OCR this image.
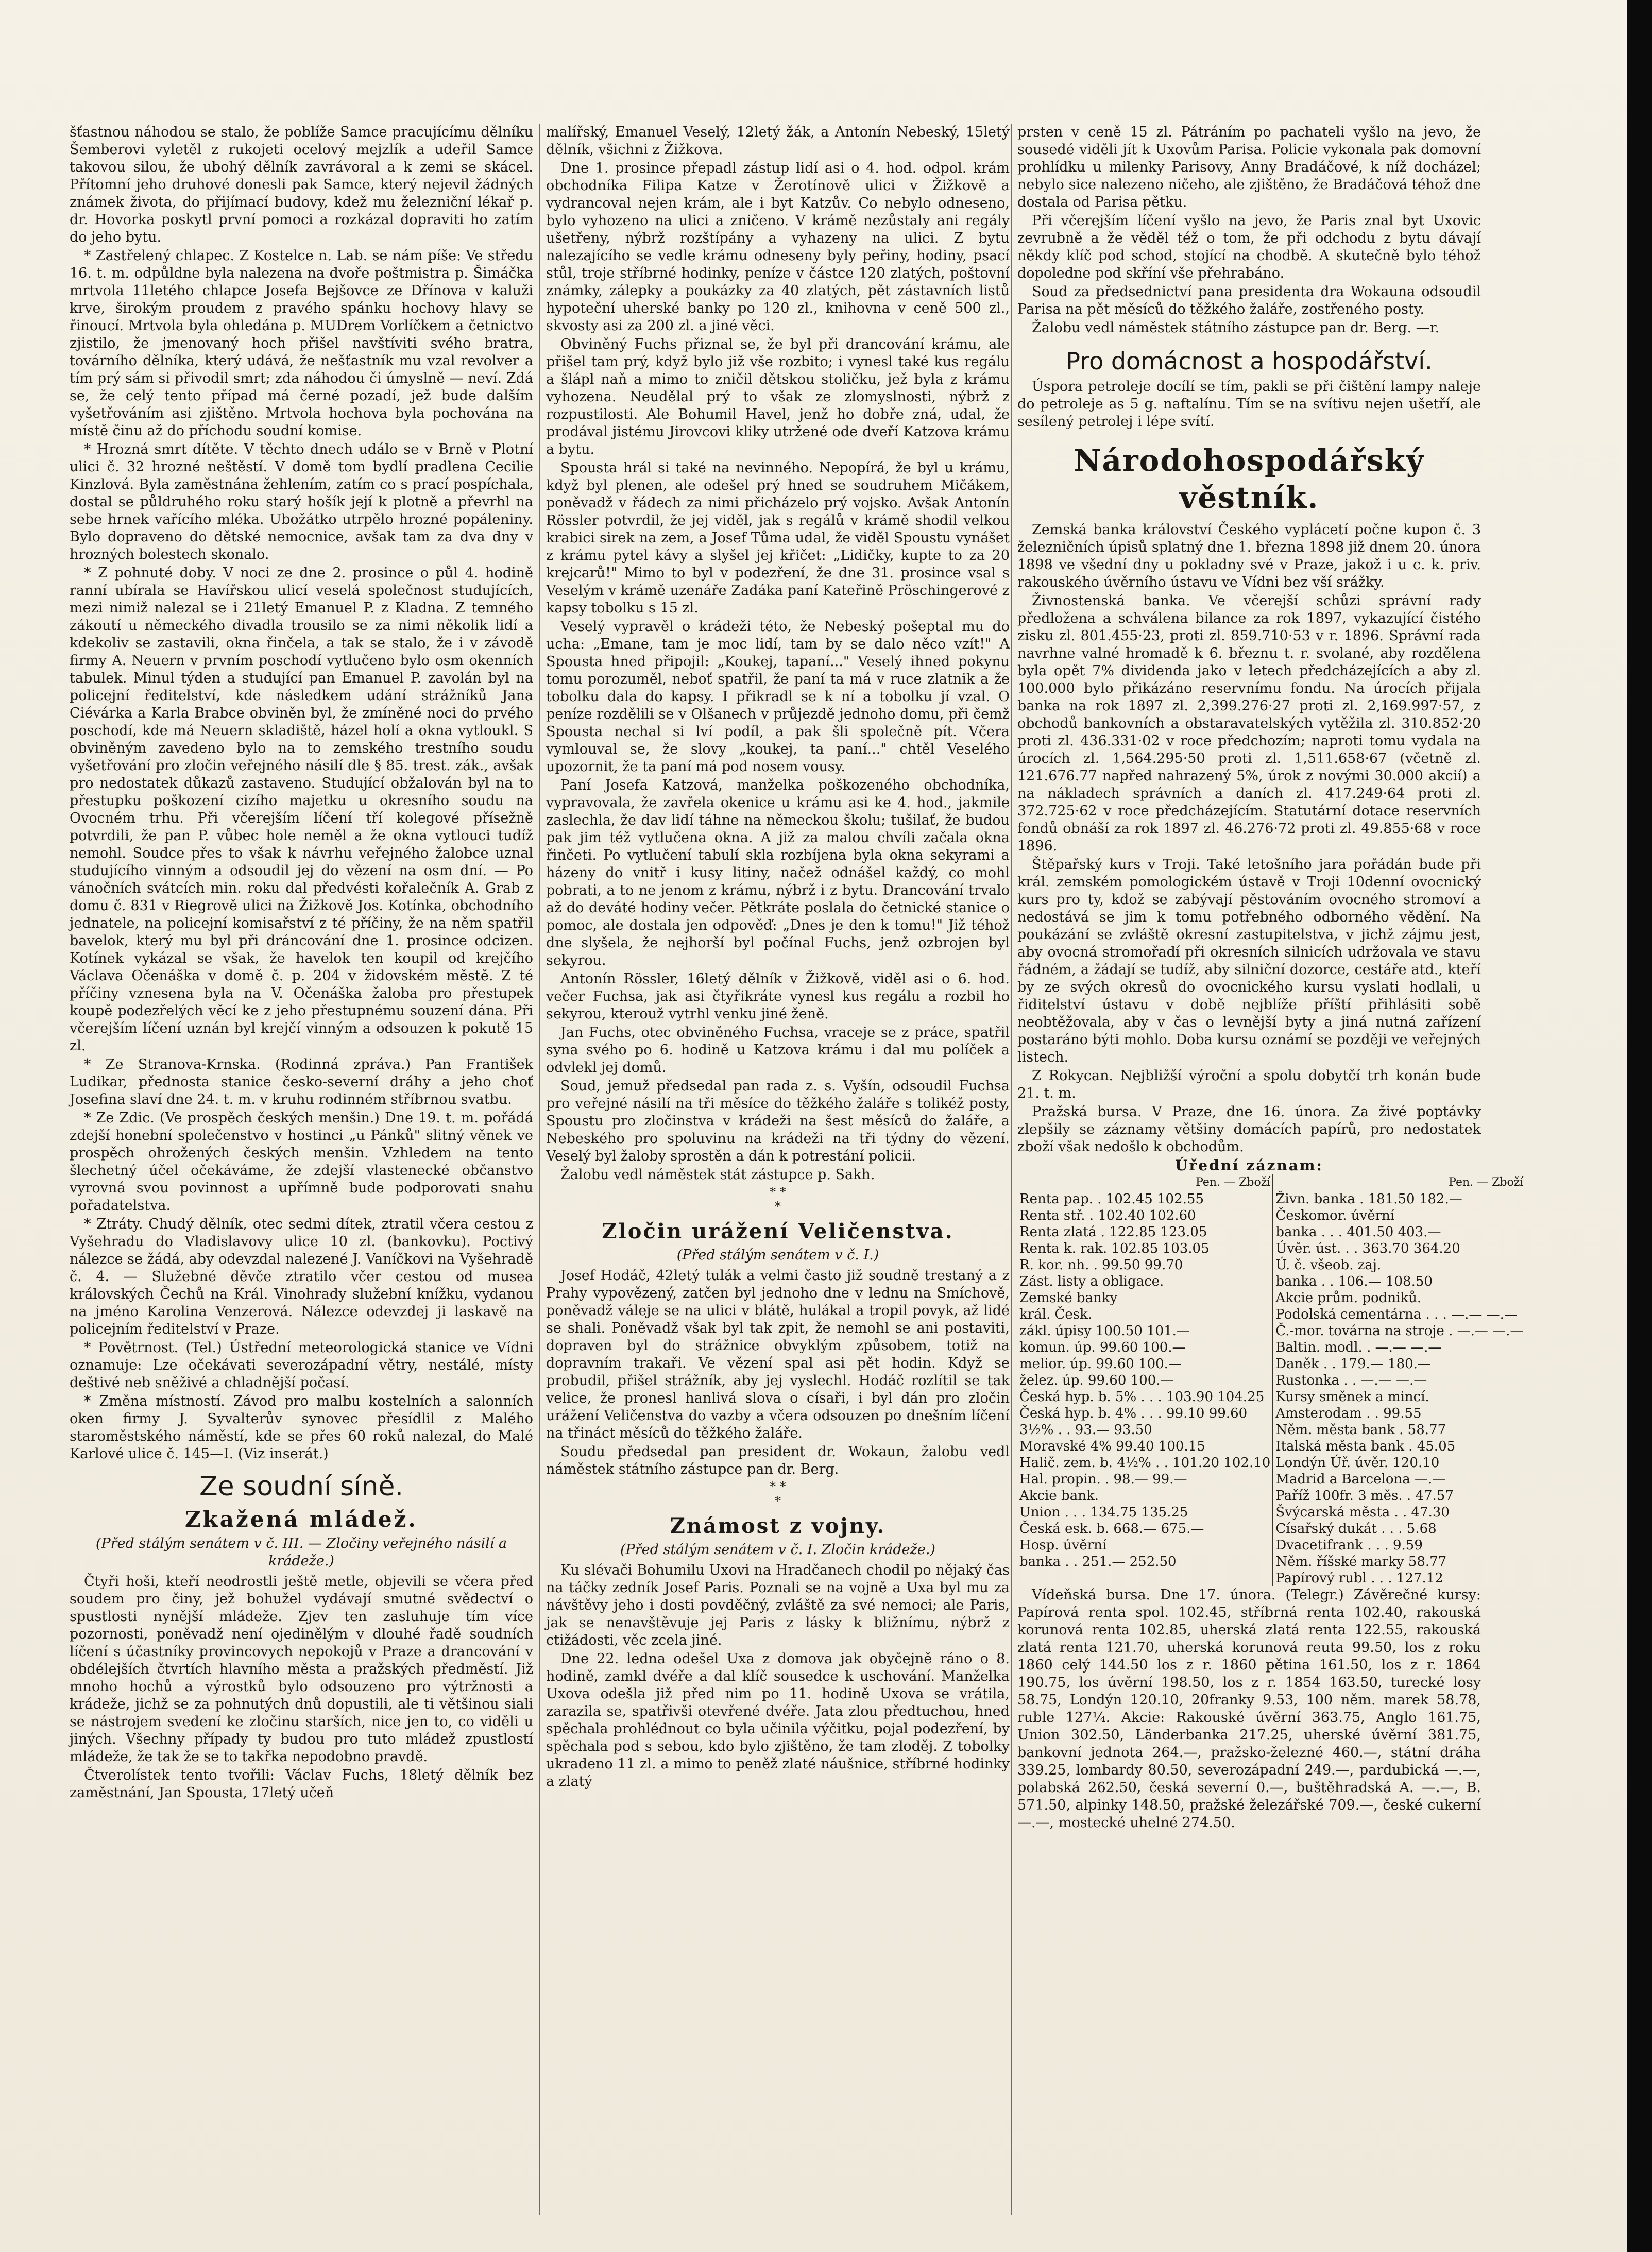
šťastnou náhodou se stalo, že poblíže Samce pracujícímu dělníku Šemberovi vyletěl z rukojeti ocelový mejzlík a udeřil Samce takovou silou, že ubohý dělník zavrávoral a k zemi se skácel. Přítomní jeho druhové donesli pak Samce, který nejevil žádných známek života, do přijímací budovy, kdež mu železniční lékař p. dr. Hovorka poskytl první pomoci a rozkázal dopraviti ho zatím do jeho bytu.

* Zastřelený chlapec. Z Kostelce n. Lab. se nám píše: Ve středu 16. t. m. odpůldne byla nalezena na dvoře poštmistra p. Šimáčka mrtvola 11letého chlapce Josefa Bejšovce ze Dřínova v kaluži krve, širokým proudem z pravého spánku hochovy hlavy se řinoucí. Mrtvola byla ohledána p. MUDrem Vorlíčkem a četnictvo zjistilo, že jmenovaný hoch přišel navštíviti svého bratra, továrního dělníka, který udává, že nešťastník mu vzal revolver a tím prý sám si přivodil smrt; zda náhodou či úmyslně — neví. Zdá se, že celý tento případ má černé pozadí, jež bude dalším vyšetřováním asi zjištěno. Mrtvola hochova byla pochována na místě činu až do příchodu soudní komise.

* Hrozná smrt dítěte. V těchto dnech událo se v Brně v Plotní ulici č. 32 hrozné neštěstí. V domě tom bydlí pradlena Cecilie Kinzlová. Byla zaměstnána žehlením, zatím co s prací pospíchala, dostal se půldruhého roku starý hošík její k plotně a převrhl na sebe hrnek vařícího mléka. Ubožátko utrpělo hrozné popáleniny. Bylo dopraveno do dětské nemocnice, avšak tam za dva dny v hrozných bolestech skonalo.

* Z pohnuté doby. V noci ze dne 2. prosince o půl 4. hodině ranní ubírala se Havířskou ulicí veselá společnost studujících, mezi nimiž nalezal se i 21letý Emanuel P. z Kladna. Z temného zákoutí u německého divadla trousilo se za nimi několik lidí a kdekoliv se zastavili, okna řinčela, a tak se stalo, že i v závodě firmy A. Neuern v prvním poschodí vytlučeno bylo osm okenních tabulek. Minul týden a studující pan Emanuel P. zavolán byl na policejní ředitelství, kde následkem udání strážníků Jana Ciévárka a Karla Brabce obviněn byl, že zmíněné noci do prvého poschodí, kde má Neuern skladiště, házel holí a okna vytloukl. S obviněným zavedeno bylo na to zemského trestního soudu vyšetřování pro zločin veřejného násilí dle § 85. trest. zák., avšak pro nedostatek důkazů zastaveno. Studující obžalován byl na to přestupku poškození cizího majetku u okresního soudu na Ovocném trhu. Při včerejším líčení tří kolegové přísežně potvrdili, že pan P. vůbec hole neměl a že okna vytlouci tudíž nemohl. Soudce přes to však k návrhu veřejného žalobce uznal studujícího vinným a odsoudil jej do vězení na osm dní. — Po vánočních svátcích min. roku dal předvésti kořalečník A. Grab z domu č. 831 v Riegrově ulici na Žižkově Jos. Kotínka, obchodního jednatele, na policejní komisařství z té příčiny, že na něm spatřil bavelok, který mu byl při dráncování dne 1. prosince odcizen. Kotínek vykázal se však, že havelok ten koupil od krejčího Václava Očenáška v domě č. p. 204 v židovském městě. Z té příčiny vznesena byla na V. Očenáška žaloba pro přestupek koupě podezřelých věcí ke z jeho přestupnému souzení dána. Při včerejším líčení uznán byl krejčí vinným a odsouzen k pokutě 15 zl.

* Ze Stranova-Krnska. (Rodinná zpráva.) Pan František Ludikar, přednosta stanice česko-severní dráhy a jeho choť Josefina slaví dne 24. t. m. v kruhu rodinném stříbrnou svatbu.

* Ze Zdic. (Ve prospěch českých menšin.) Dne 19. t. m. pořádá zdejší honební společenstvo v hostinci „u Pánků" slitný věnek ve prospěch ohrožených českých menšin. Vzhledem na tento šlechetný účel očekáváme, že zdejší vlastenecké občanstvo vyrovná svou povinnost a upřímně bude podporovati snahu pořadatelstva.

* Ztráty. Chudý dělník, otec sedmi dítek, ztratil včera cestou z Vyšehradu do Vladislavovy ulice 10 zl. (bankovku). Poctivý nálezce se žádá, aby odevzdal nalezené J. Vaníčkovi na Vyšehradě č. 4. — Služebné děvče ztratilo včer cestou od musea královských Čechů na Král. Vinohrady služební knížku, vydanou na jméno Karolina Venzerová. Nálezce odevzdej ji laskavě na policejním ředitelství v Praze.

* Povětrnost. (Tel.) Ústřední meteorologická stanice ve Vídni oznamuje: Lze očekávati severozápadní větry, nestálé, místy deštivé neb sněživé a chladnější počasí.

* Změna místností. Závod pro malbu kostelních a salonních oken firmy J. Syvalterův synovec přesídlil z Malého staroměstského náměstí, kde se přes 60 roků nalezal, do Malé Karlové ulice č. 145—I. (Viz inserát.)

Ze soudní síně.
Zkažená mládež.
(Před stálým senátem v č. III. — Zločiny veřejného násilí a krádeže.)

Čtyři hoši, kteří neodrostli ještě metle, objevili se včera před soudem pro činy, jež bohužel vydávají smutné svědectví o spustlosti nynější mládeže. Zjev ten zasluhuje tím více pozornosti, poněvadž není ojedinělým v dlouhé řadě soudních líčení s účastníky provincovych nepokojů v Praze a drancování v obdélejších čtvrtích hlavního města a pražských předměstí. Již mnoho hochů a výrostků bylo odsouzeno pro výtržnosti a krádeže, jichž se za pohnutých dnů dopustili, ale ti většinou siali se nástrojem svedení ke zločinu starších, nice jen to, co viděli u jiných. Všechny případy ty budou pro tuto mládež zpustlostí mládeže, že tak že se to takřka nepodobno pravdě.

Čtverolístek tento tvořili: Václav Fuchs, 18letý dělník bez zaměstnání, Jan Spousta, 17letý učeň

malířský, Emanuel Veselý, 12letý žák, a Antonín Nebeský, 15letý dělník, všichni z Žižkova.

Dne 1. prosince přepadl zástup lidí asi o 4. hod. odpol. krám obchodníka Filipa Katze v Žerotínově ulici v Žižkově a vydrancoval nejen krám, ale i byt Katzův. Co nebylo odneseno, bylo vyhozeno na ulici a zničeno. V krámě nezůstaly ani regály ušetřeny, nýbrž rozštípány a vyhazeny na ulici. Z bytu nalezajícího se vedle krámu odneseny byly peřiny, hodiny, psací stůl, troje stříbrné hodinky, peníze v částce 120 zlatých, poštovní známky, zálepky a poukázky za 40 zlatých, pět zástavních listů hypoteční uherské banky po 120 zl., knihovna v ceně 500 zl., skvosty asi za 200 zl. a jiné věci.

Obviněný Fuchs přiznal se, že byl při drancování krámu, ale přišel tam prý, když bylo již vše rozbito; i vynesl také kus regálu a šlápl naň a mimo to zničil dětskou stoličku, jež byla z krámu vyhozena. Neudělal prý to však ze zlomyslnosti, nýbrž z rozpustilosti. Ale Bohumil Havel, jenž ho dobře zná, udal, že prodával jistému Jirovcovi kliky utržené ode dveří Katzova krámu a bytu.

Spousta hrál si také na nevinného. Nepopírá, že byl u krámu, když byl plenen, ale odešel prý hned se soudruhem Mičákem, poněvadž v řádech za nimi přicházelo prý vojsko. Avšak Antonín Rössler potvrdil, že jej viděl, jak s regálů v krámě shodil velkou krabici sirek na zem, a Josef Tůma udal, že viděl Spoustu vynášet z krámu pytel kávy a slyšel jej křičet: „Lidičky, kupte to za 20 krejcarů!" Mimo to byl v podezření, že dne 31. prosince vsal s Veselým v krámě uzenáře Zadáka paní Kateřině Pröschingerové z kapsy tobolku s 15 zl.

Veselý vypravěl o krádeži této, že Nebeský pošeptal mu do ucha: „Emane, tam je moc lidí, tam by se dalo něco vzít!" A Spousta hned připojil: „Koukej, tapaní..." Veselý ihned pokynu tomu porozuměl, neboť spatřil, že paní ta má v ruce zlatnik a že tobolku dala do kapsy. I přikradl se k ní a tobolku jí vzal. O peníze rozdělili se v Olšanech v průjezdě jednoho domu, při čemž Spousta nechal si lví podíl, a pak šli společně pít. Včera vymlouval se, že slovy „koukej, ta paní..." chtěl Veselého upozornit, že ta paní má pod nosem vousy.

Paní Josefa Katzová, manželka poškozeného obchodníka, vypravovala, že zavřela okenice u krámu asi ke 4. hod., jakmile zaslechla, že dav lidí táhne na německou školu; tušilať, že budou pak jim též vytlučena okna. A již za malou chvíli začala okna řinčeti. Po vytlučení tabulí skla rozbíjena byla okna sekyrami a házeny do vnitř i kusy litiny, načež odnášel každý, co mohl pobrati, a to ne jenom z krámu, nýbrž i z bytu. Drancování trvalo až do deváté hodiny večer. Pětkráte poslala do četnické stanice o pomoc, ale dostala jen odpověď: „Dnes je den k tomu!" Již téhož dne slyšela, že nejhorší byl počínal Fuchs, jenž ozbrojen byl sekyrou.

Antonín Rössler, 16letý dělník v Žižkově, viděl asi o 6. hod. večer Fuchsa, jak asi čtyřikráte vynesl kus regálu a rozbil ho sekyrou, kterouž vytrhl venku jiné ženě.

Jan Fuchs, otec obviněného Fuchsa, vraceje se z práce, spatřil syna svého po 6. hodině u Katzova krámu i dal mu políček a odvlekl jej domů.

Soud, jemuž předsedal pan rada z. s. Vyšín, odsoudil Fuchsa pro veřejné násilí na tři měsíce do těžkého žaláře s tolikéž posty, Spoustu pro zločinstva v krádeži na šest měsíců do žaláře, a Nebeského pro spoluvinu na krádeži na tři týdny do vězení. Veselý byl žaloby sprostěn a dán k potrestání policii.

Žalobu vedl náměstek stát zástupce p. Sakh.

* *
*
Zločin urážení Veličenstva.
(Před stálým senátem v č. I.)

Josef Hodáč, 42letý tulák a velmi často již soudně trestaný a z Prahy vypovězený, zatčen byl jednoho dne v lednu na Smíchově, poněvadž váleje se na ulici v blátě, hulákal a tropil povyk, až lidé se shali. Poněvadž však byl tak zpit, že nemohl se ani postaviti, dopraven byl do strážnice obvyklým způsobem, totiž na dopravním trakaři. Ve vězení spal asi pět hodin. Když se probudil, přišel strážník, aby jej vyslechl. Hodáč rozlítil se tak velice, že pronesl hanlivá slova o císaři, i byl dán pro zločin urážení Veličenstva do vazby a včera odsouzen po dnešním líčení na třináct měsíců do těžkého žaláře.

Soudu předsedal pan president dr. Wokaun, žalobu vedl náměstek státního zástupce pan dr. Berg.

* *
*
Známost z vojny.
(Před stálým senátem v č. I. Zločin krádeže.)

Ku slévači Bohumilu Uxovi na Hradčanech chodil po nějaký čas na táčky zedník Josef Paris. Poznali se na vojně a Uxa byl mu za návštěvy jeho i dosti povděčný, zvláště za své nemoci; ale Paris, jak se nenavštěvuje jej Paris z lásky k bližnímu, nýbrž z ctižádosti, věc zcela jiné.

Dne 22. ledna odešel Uxa z domova jak obyčejně ráno o 8. hodině, zamkl dvéře a dal klíč sousedce k uschování. Manželka Uxova odešla již před nim po 11. hodině Uxova se vrátila, zarazila se, spatřivši otevřené dvéře. Jata zlou předtuchou, hned spěchala prohlédnout co byla učinila výčitku, pojal podezření, by spěchala pod s sebou, kdo bylo zjištěno, že tam zloděj. Z tobolky ukradeno 11 zl. a mimo to peněž zlaté náušnice, stříbrné hodinky a zlatý

prsten v ceně 15 zl. Pátráním po pachateli vyšlo na jevo, že sousedé viděli jít k Uxovům Parisa. Policie vykonala pak domovní prohlídku u milenky Parisovy, Anny Bradáčové, k níž docházel; nebylo sice nalezeno ničeho, ale zjištěno, že Bradáčová téhož dne dostala od Parisa pětku.

Při včerejším líčení vyšlo na jevo, že Paris znal byt Uxovic zevrubně a že věděl též o tom, že při odchodu z bytu dávají někdy klíč pod schod, stojící na chodbě. A skutečně bylo téhož dopoledne pod skříní vše přehrabáno.

Soud za předsednictví pana presidenta dra Wokauna odsoudil Parisa na pět měsíců do těžkého žaláře, zostřeného posty.

Žalobu vedl náměstek státního zástupce pan dr. Berg. —r.

Pro domácnost a hospodářství.

Úspora petroleje docílí se tím, pakli se při čištění lampy naleje do petroleje as 5 g. naftalínu. Tím se na svítivu nejen ušetří, ale sesílený petrolej i lépe svítí.

Národohospodářský věstník.

Zemská banka království Českého vyplácetí počne kupon č. 3 železničních úpisů splatný dne 1. března 1898 již dnem 20. února 1898 ve všední dny u pokladny své v Praze, jakož i u c. k. priv. rakouského úvěrního ústavu ve Vídni bez vší srážky.

Živnostenská banka. Ve včerejší schůzi správní rady předložena a schválena bilance za rok 1897, vykazující čistého zisku zl. 801.455·23, proti zl. 859.710·53 v r. 1896. Správní rada navrhne valné hromadě k 6. březnu t. r. svolané, aby rozdělena byla opět 7% dividenda jako v letech předcházejících a aby zl. 100.000 bylo přikázáno reservnímu fondu. Na úrocích přijala banka na rok 1897 zl. 2,399.276·27 proti zl. 2,169.997·57, z obchodů bankovních a obstaravatelských vytěžila zl. 310.852·20 proti zl. 436.331·02 v roce předchozím; naproti tomu vydala na úrocích zl. 1,564.295·50 proti zl. 1,511.658·67 (včetně zl. 121.676.77 napřed nahrazený 5%, úrok z novými 30.000 akcií) a na nákladech správních a daních zl. 417.249·64 proti zl. 372.725·62 v roce předcházejícím. Statutární dotace reservních fondů obnáší za rok 1897 zl. 46.276·72 proti zl. 49.855·68 v roce 1896.

Štěpařský kurs v Troji. Také letošního jara pořádán bude při král. zemském pomologickém ústavě v Troji 10denní ovocnický kurs pro ty, kdož se zabývají pěstováním ovocného stromoví a nedostává se jim k tomu potřebného odborného vědění. Na poukázání se zvláště okresní zastupitelstva, v jichž zájmu jest, aby ovocná stromořadí při okresních silnicích udržovala ve stavu řádném, a žádají se tudíž, aby silniční dozorce, cestáře atd., kteří by ze svých okresů do ovocnického kursu vyslati hodlali, u řiditelství ústavu v době nejblíže příští přihlásiti sobě neobtěžovala, aby v čas o levnější byty a jiná nutná zařízení postaráno býti mohlo. Doba kursu oznámí se později ve veřejných listech.

Z Rokycan. Nejbližší výroční a spolu dobytčí trh konán bude 21. t. m.

Pražská bursa. V Praze, dne 16. února. Za živé poptávky zlepšily se záznamy většiny domácích papírů, pro nedostatek zboží však nedošlo k obchodům.

Úřední záznam:
Pen. — Zboží	Pen. — Zboží
Renta pap. . 102.45 102.55	Živn. banka . 181.50 182.—
Renta stř. . 102.40 102.60	Českomor. úvěrní
Renta zlatá . 122.85 123.05	banka . . . 401.50 403.—
Renta k. rak. 102.85 103.05	Úvěr. úst. . . 363.70 364.20
R. kor. nh. . 99.50 99.70	Ú. č. všeob. zaj.
Zást. listy a obligace.	banka . . 106.— 108.50
Zemské banky	Akcie prům. podniků.
král. Česk.	Podolská cementárna . . . —.— —.—
zákl. úpisy 100.50 101.—	Č.-mor. továrna na stroje . —.— —.—
komun. úp. 99.60 100.—	Baltin. modl. . —.— —.—
melior. úp. 99.60 100.—	Daněk . . 179.— 180.—
želez. úp. 99.60 100.—	Rustonka . . —.— —.—
Česká hyp. b. 5% . . . 103.90 104.25	Kursy směnek a mincí.
Česká hyp. b. 4% . . . 99.10 99.60	Amsterodam . . 99.55
3½% . . 93.— 93.50	Něm. města bank . 58.77
Moravské 4% 99.40 100.15	Italská města bank . 45.05
Halič. zem. b. 4½% . . 101.20 102.10	Londýn Úř. úvěr. 120.10
Hal. propin. . 98.— 99.—	Madrid a Barcelona —.—
Akcie bank.	Paříž 100fr. 3 měs. . 47.57
Union . . . 134.75 135.25	Švýcarská města . . 47.30
Česká esk. b. 668.— 675.—	Císařský dukát . . . 5.68
Hosp. úvěrní	Dvacetifrank . . . 9.59
banka . . 251.— 252.50	Něm. říšské marky 58.77
	Papírový rubl . . . 127.12

Vídeňská bursa. Dne 17. února. (Telegr.) Závěrečné kursy: Papírová renta spol. 102.45, stříbrná renta 102.40, rakouská korunová renta 102.85, uherská zlatá renta 122.55, rakouská zlatá renta 121.70, uherská korunová reuta 99.50, los z roku 1860 celý 144.50 los z r. 1860 pětina 161.50, los z r. 1864 190.75, los úvěrní 198.50, los z r. 1854 163.50, turecké losy 58.75, Londýn 120.10, 20franky 9.53, 100 něm. marek 58.78, ruble 127¼. Akcie: Rakouské úvěrní 363.75, Anglo 161.75, Union 302.50, Länderbanka 217.25, uherské úvěrní 381.75, bankovní jednota 264.—, pražsko-železné 460.—, státní dráha 339.25, lombardy 80.50, severozápadní 249.—, pardubická —.—, polabská 262.50, česká severní 0.—, buštěhradská A. —.—, B. 571.50, alpinky 148.50, pražské železářské 709.—, české cukerní —.—, mostecké uhelné 274.50.
